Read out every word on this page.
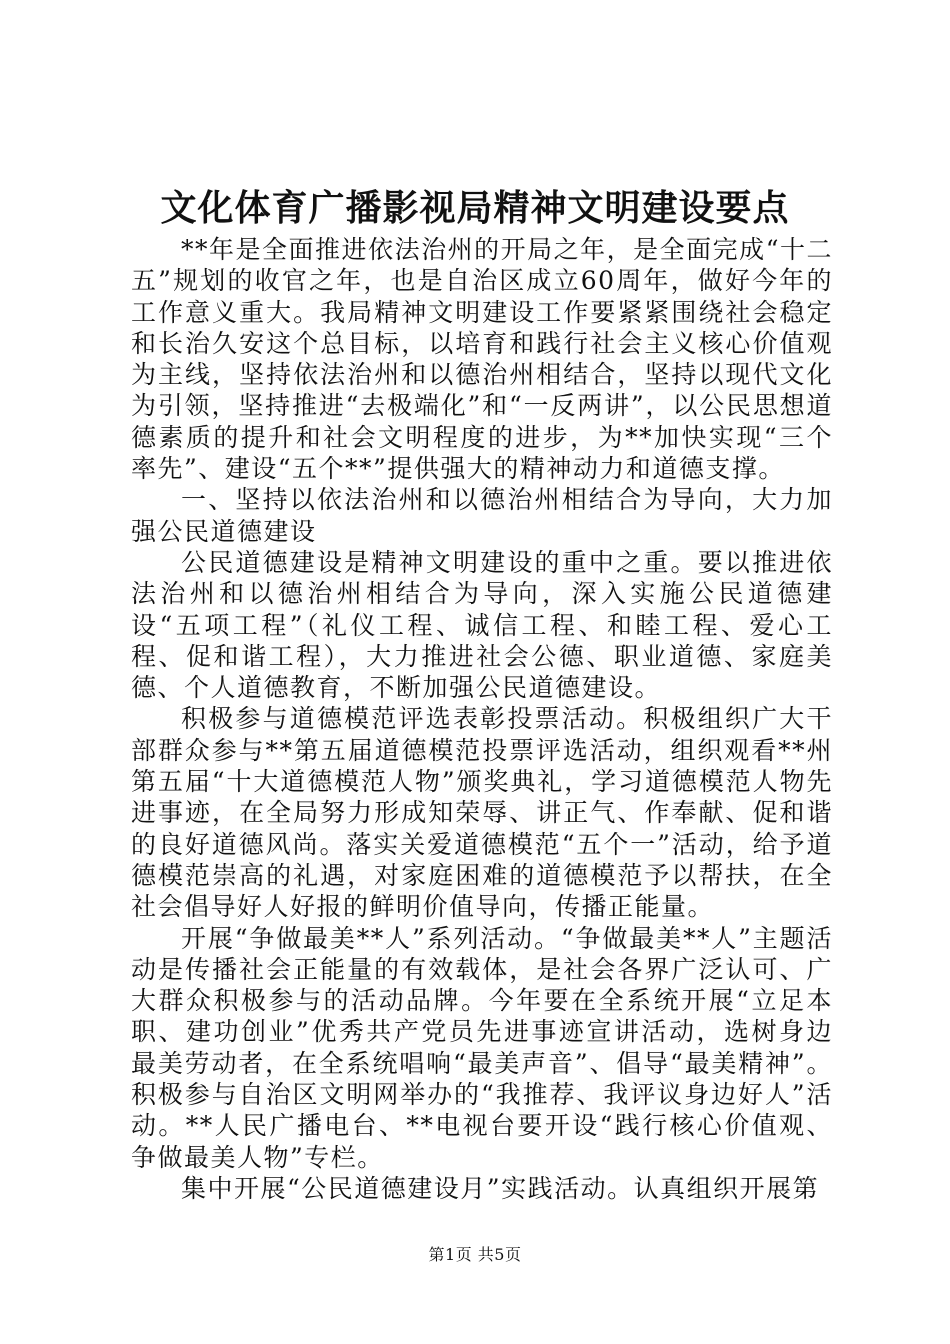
文化体育广播影视局精神文明建设要点

**年是全面推进依法治州的开局之年，是全面完成“十二五”规划的收官之年，也是自治区成立60周年，做好今年的工作意义重大。我局精神文明建设工作要紧紧围绕社会稳定和长治久安这个总目标，以培育和践行社会主义核心价值观为主线，坚持依法治州和以德治州相结合，坚持以现代文化为引领，坚持推进“去极端化”和“一反两讲”，以公民思想道德素质的提升和社会文明程度的进步，为**加快实现“三个率先”、建设“五个**”提供强大的精神动力和道德支撑。

一、坚持以依法治州和以德治州相结合为导向，大力加强公民道德建设

公民道德建设是精神文明建设的重中之重。要以推进依法治州和以德治州相结合为导向，深入实施公民道德建设“五项工程”（礼仪工程、诚信工程、和睦工程、爱心工程、促和谐工程），大力推进社会公德、职业道德、家庭美德、个人道德教育，不断加强公民道德建设。

积极参与道德模范评选表彰投票活动。积极组织广大干部群众参与**第五届道德模范投票评选活动，组织观看**州第五届“十大道德模范人物”颁奖典礼，学习道德模范人物先进事迹，在全局努力形成知荣辱、讲正气、作奉献、促和谐的良好道德风尚。落实关爱道德模范“五个一”活动，给予道德模范崇高的礼遇，对家庭困难的道德模范予以帮扶，在全社会倡导好人好报的鲜明价值导向，传播正能量。

开展“争做最美**人”系列活动。“争做最美**人”主题活动是传播社会正能量的有效载体，是社会各界广泛认可、广大群众积极参与的活动品牌。今年要在全系统开展“立足本职、建功创业”优秀共产党员先进事迹宣讲活动，选树身边最美劳动者，在全系统唱响“最美声音”、倡导“最美精神”。积极参与自治区文明网举办的“我推荐、我评议身边好人”活动。**人民广播电台、**电视台要开设“践行核心价值观、争做最美人物”专栏。

集中开展“公民道德建设月”实践活动。认真组织开展第

第1页 共5页
